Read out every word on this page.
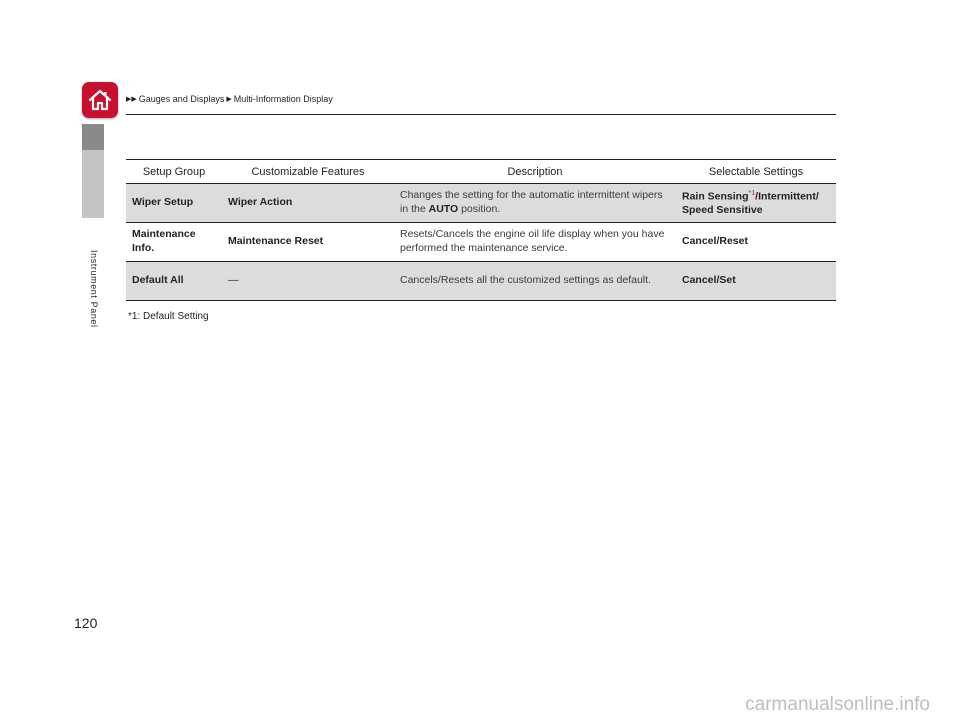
Instrument Panel
▶▶ Gauges and Displays ▶ Multi-Information Display
Setup Group	Customizable Features	Description	Selectable Settings
Wiper Setup	Wiper Action	Changes the setting for the automatic intermittent wipers in the AUTO position.	Rain Sensing$^{*1}$/Intermittent/
Speed Sensitive
Maintenance Info.	Maintenance Reset	Resets/Cancels the engine oil life display when you have performed the maintenance service.	Cancel/Reset
Default All	—	Cancels/Resets all the customized settings as default.	Cancel/Set
*1: Default Setting
120
carmanualsonline.info
